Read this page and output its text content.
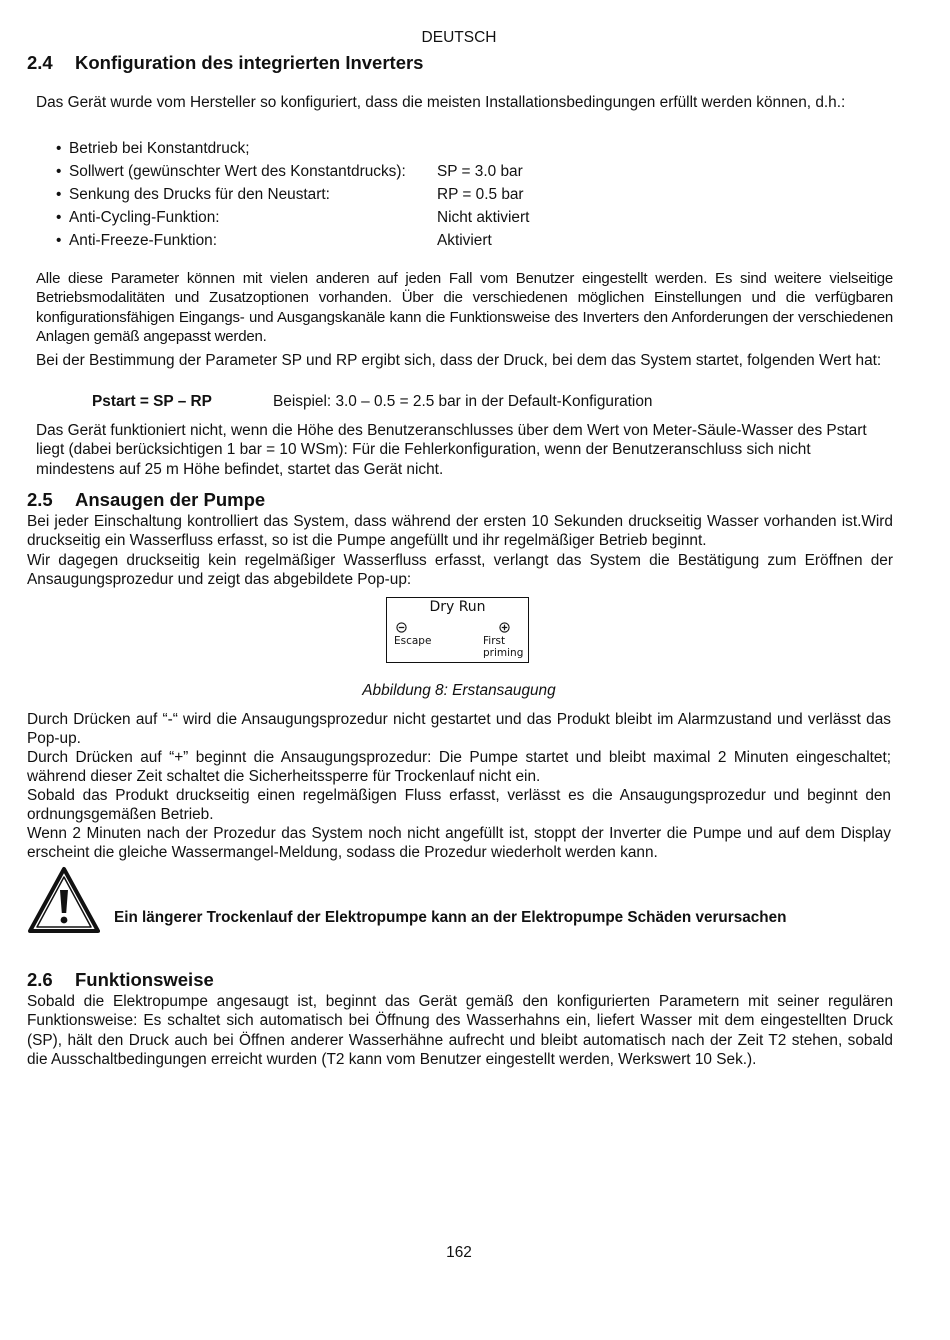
DEUTSCH
2.4 Konfiguration des integrierten Inverters

Das Gerät wurde vom Hersteller so konfiguriert, dass die meisten Installationsbedingungen erfüllt werden können, d.h.:

• Betrieb bei Konstantdruck;
• Sollwert (gewünschter Wert des Konstantdrucks):	SP = 3.0 bar
• Senkung des Drucks für den Neustart:	RP = 0.5 bar
• Anti-Cycling-Funktion:	Nicht aktiviert
• Anti-Freeze-Funktion:	Aktiviert

Alle diese Parameter können mit vielen anderen auf jeden Fall vom Benutzer eingestellt werden. Es sind weitere vielseitige Betriebsmodalitäten und Zusatzoptionen vorhanden. Über die verschiedenen möglichen Einstellungen und die verfügbaren konfigurationsfähigen Eingangs- und Ausgangskanäle kann die Funktionsweise des Inverters den Anforderungen der verschiedenen Anlagen gemäß angepasst werden.

Bei der Bestimmung der Parameter SP und RP ergibt sich, dass der Druck, bei dem das System startet, folgenden Wert hat:

Pstart = SP – RP	Beispiel: 3.0 – 0.5 = 2.5 bar in der Default-Konfiguration

Das Gerät funktioniert nicht, wenn die Höhe des Benutzeranschlusses über dem Wert von Meter-Säule-Wasser des Pstart liegt (dabei berücksichtigen 1 bar = 10 WSm): Für die Fehlerkonfiguration, wenn der Benutzeranschluss sich nicht mindestens auf 25 m Höhe befindet, startet das Gerät nicht.

2.5 Ansaugen der Pumpe

Bei jeder Einschaltung kontrolliert das System, dass während der ersten 10 Sekunden druckseitig Wasser vorhanden ist.Wird druckseitig ein Wasserfluss erfasst, so ist die Pumpe angefüllt und ihr regelmäßiger Betrieb beginnt.

Wir dagegen druckseitig kein regelmäßiger Wasserfluss erfasst, verlangt das System die Bestätigung zum Eröffnen der Ansaugungsprozedur und zeigt das abgebildete Pop-up:

Dry Run
Escape	First
priming
Abbildung 8: Erstansaugung

Durch Drücken auf “-“ wird die Ansaugungsprozedur nicht gestartet und das Produkt bleibt im Alarmzustand und verlässt das Pop-up.

Durch Drücken auf “+” beginnt die Ansaugungsprozedur: Die Pumpe startet und bleibt maximal 2 Minuten eingeschaltet; während dieser Zeit schaltet die Sicherheitssperre für Trockenlauf nicht ein.

Sobald das Produkt druckseitig einen regelmäßigen Fluss erfasst, verlässt es die Ansaugungsprozedur und beginnt den ordnungsgemäßen Betrieb.

Wenn 2 Minuten nach der Prozedur das System noch nicht angefüllt ist, stoppt der Inverter die Pumpe und auf dem Display erscheint die gleiche Wassermangel-Meldung, sodass die Prozedur wiederholt werden kann.

Ein längerer Trockenlauf der Elektropumpe kann an der Elektropumpe Schäden verursachen
2.6 Funktionsweise

Sobald die Elektropumpe angesaugt ist, beginnt das Gerät gemäß den konfigurierten Parametern mit seiner regulären Funktionsweise: Es schaltet sich automatisch bei Öffnung des Wasserhahns ein, liefert Wasser mit dem eingestellten Druck (SP), hält den Druck auch bei Öffnen anderer Wasserhähne aufrecht und bleibt automatisch nach der Zeit T2 stehen, sobald die Ausschaltbedingungen erreicht wurden (T2 kann vom Benutzer eingestellt werden, Werkswert 10 Sek.).

162
